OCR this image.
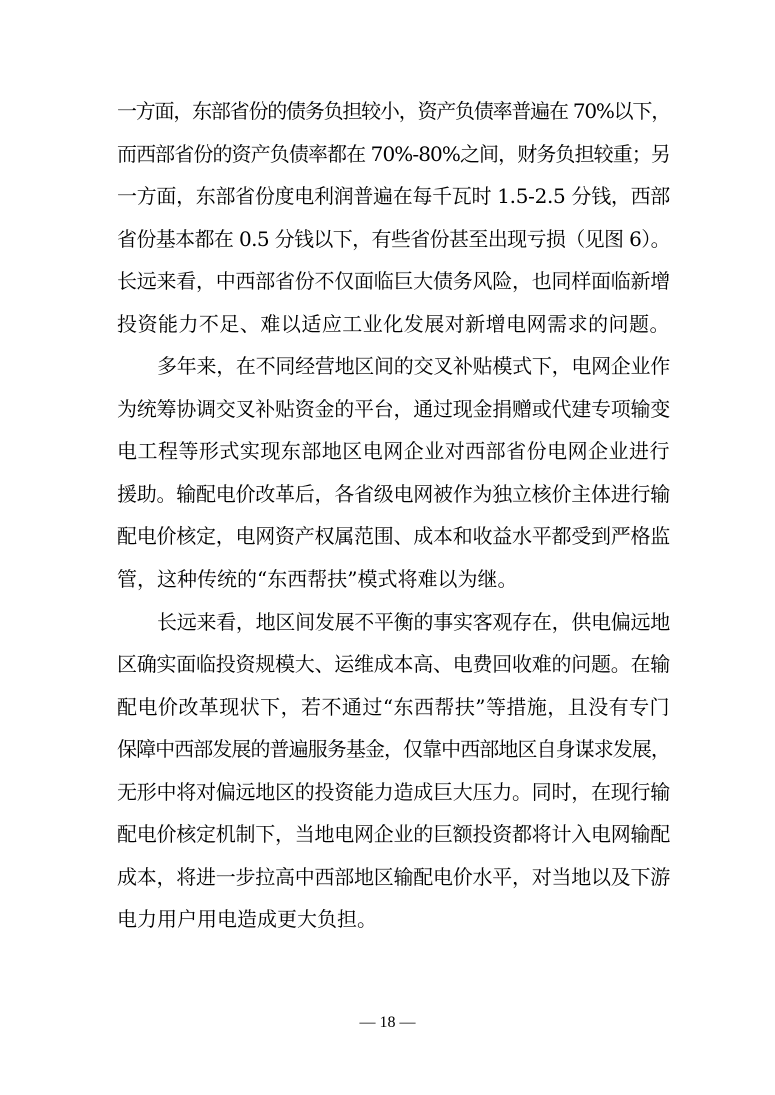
一方面，东部省份的债务负担较小，资产负债率普遍在 70%以下，
而西部省份的资产负债率都在 70%-80%之间，财务负担较重；另
一方面，东部省份度电利润普遍在每千瓦时 1.5-2.5 分钱，西部
省份基本都在 0.5 分钱以下，有些省份甚至出现亏损（见图 6）。
长远来看，中西部省份不仅面临巨大债务风险，也同样面临新增
投资能力不足、难以适应工业化发展对新增电网需求的问题。
多年来，在不同经营地区间的交叉补贴模式下，电网企业作
为统筹协调交叉补贴资金的平台，通过现金捐赠或代建专项输变
电工程等形式实现东部地区电网企业对西部省份电网企业进行
援助。输配电价改革后，各省级电网被作为独立核价主体进行输
配电价核定，电网资产权属范围、成本和收益水平都受到严格监
管，这种传统的“东西帮扶”模式将难以为继。
长远来看，地区间发展不平衡的事实客观存在，供电偏远地
区确实面临投资规模大、运维成本高、电费回收难的问题。在输
配电价改革现状下，若不通过“东西帮扶”等措施，且没有专门
保障中西部发展的普遍服务基金，仅靠中西部地区自身谋求发展，
无形中将对偏远地区的投资能力造成巨大压力。同时，在现行输
配电价核定机制下，当地电网企业的巨额投资都将计入电网输配
成本，将进一步拉高中西部地区输配电价水平，对当地以及下游
电力用户用电造成更大负担。
— 18 —
